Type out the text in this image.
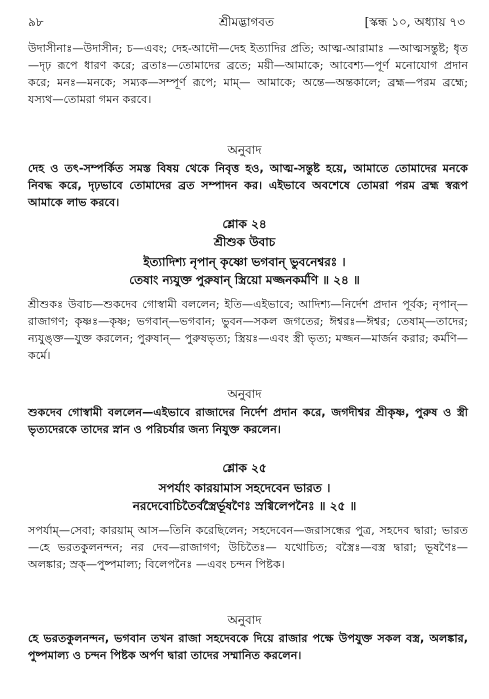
৯৮	শ্রীমদ্ভাগবত	[স্কন্ধ ১০, অধ্যায় ৭৩
উদাসীনাঃ—উদাসীন; চ—এবং; দেহ-আদৌ—দেহ ইত্যাদির প্রতি; আত্ম-আরামাঃ —আত্মসন্তুষ্ট; ধৃত—দৃঢ় রূপে ধারণ করে; ব্রতাঃ—তোমাদের ব্রতে; ময়ী—আমাকে; আবেশ্য—পূর্ণ মনোযোগ প্রদান করে; মনঃ—মনকে; সম্যক—সম্পূর্ণ রূপে; মাম্— আমাকে; অন্তে—অন্তকালে; ব্রহ্ম—পরম ব্রহ্মে; যস্যথ—তোমরা গমন করবে।
অনুবাদ
দেহ ও তৎ-সম্পর্কিত সমস্ত বিষয় থেকে নিবৃত্ত হও, আত্ম-সন্তুষ্ট হয়ে, আমাতে তোমাদের মনকে নিবদ্ধ করে, দৃঢ়ভাবে তোমাদের ব্রত সম্পাদন কর। এইভাবে অবশেষে তোমরা পরম ব্রহ্ম স্বরূপ আমাকে লাভ করবে।
শ্লোক ২৪
শ্রীশুক উবাচ
ইত্যাদিশ্য নৃপান্ কৃষ্ণো ভগবান্ ভুবনেশ্বরঃ ।
তেষাং ন্যযুক্ত পুরুষান্ স্ত্রিয়ো মজ্জনকর্মণি ॥ ২৪ ॥
শ্রীশুকঃ উবাচ—শুকদেব গোস্বামী বললেন; ইতি—এইভাবে; আদিশ্য—নির্দেশ প্রদান পূর্বক; নৃপান্—রাজাগণ; কৃষ্ণঃ—কৃষ্ণ; ভগবান্—ভগবান; ভুবন—সকল জগতের; ঈশ্বরঃ—ঈশ্বর; তেষাম্—তাদের; ন্যযুঙ্ক্ত—যুক্ত করলেন; পুরুষান্— পুরুষভৃত্য; স্ত্রিয়ঃ—এবং স্ত্রী ভৃত্য; মজ্জন—মার্জন করার; কর্মণি—কর্মে।
অনুবাদ
শুকদেব গোস্বামী বললেন—এইভাবে রাজাদের নির্দেশ প্রদান করে, জগদীশ্বর শ্রীকৃষ্ণ, পুরুষ ও স্ত্রী ভৃত্যদেরকে তাদের স্নান ও পরিচর্যার জন্য নিযুক্ত করলেন।
শ্লোক ২৫
সপর্যাং কারয়ামাস সহদেবেন ভারত ।
নরদেবোচিতৈর্বস্ত্রৈর্ভূষণৈঃ স্রগ্বিলেপনৈঃ ॥ ২৫ ॥
সপর্যাম্—সেবা; কারয়াম্ আস—তিনি করেছিলেন; সহদেবেন—জরাসন্ধের পুত্র, সহদেব দ্বারা; ভারত—হে ভরতকুলনন্দন; নর দেব—রাজাগণ; উচিতৈঃ— যথোচিত; বস্ত্রৈঃ—বস্ত্র দ্বারা; ভূষণৈঃ—অলঙ্কার; স্রক্—পুষ্পমাল্য; বিলেপনৈঃ —এবং চন্দন পিষ্টক।
অনুবাদ
হে ভরতকুলনন্দন, ভগবান তখন রাজা সহদেবকে দিয়ে রাজার পক্ষে উপযুক্ত সকল বস্ত্র, অলঙ্কার, পুষ্পমাল্য ও চন্দন পিষ্টক অর্পণ দ্বারা তাদের সম্মানিত করলেন।
